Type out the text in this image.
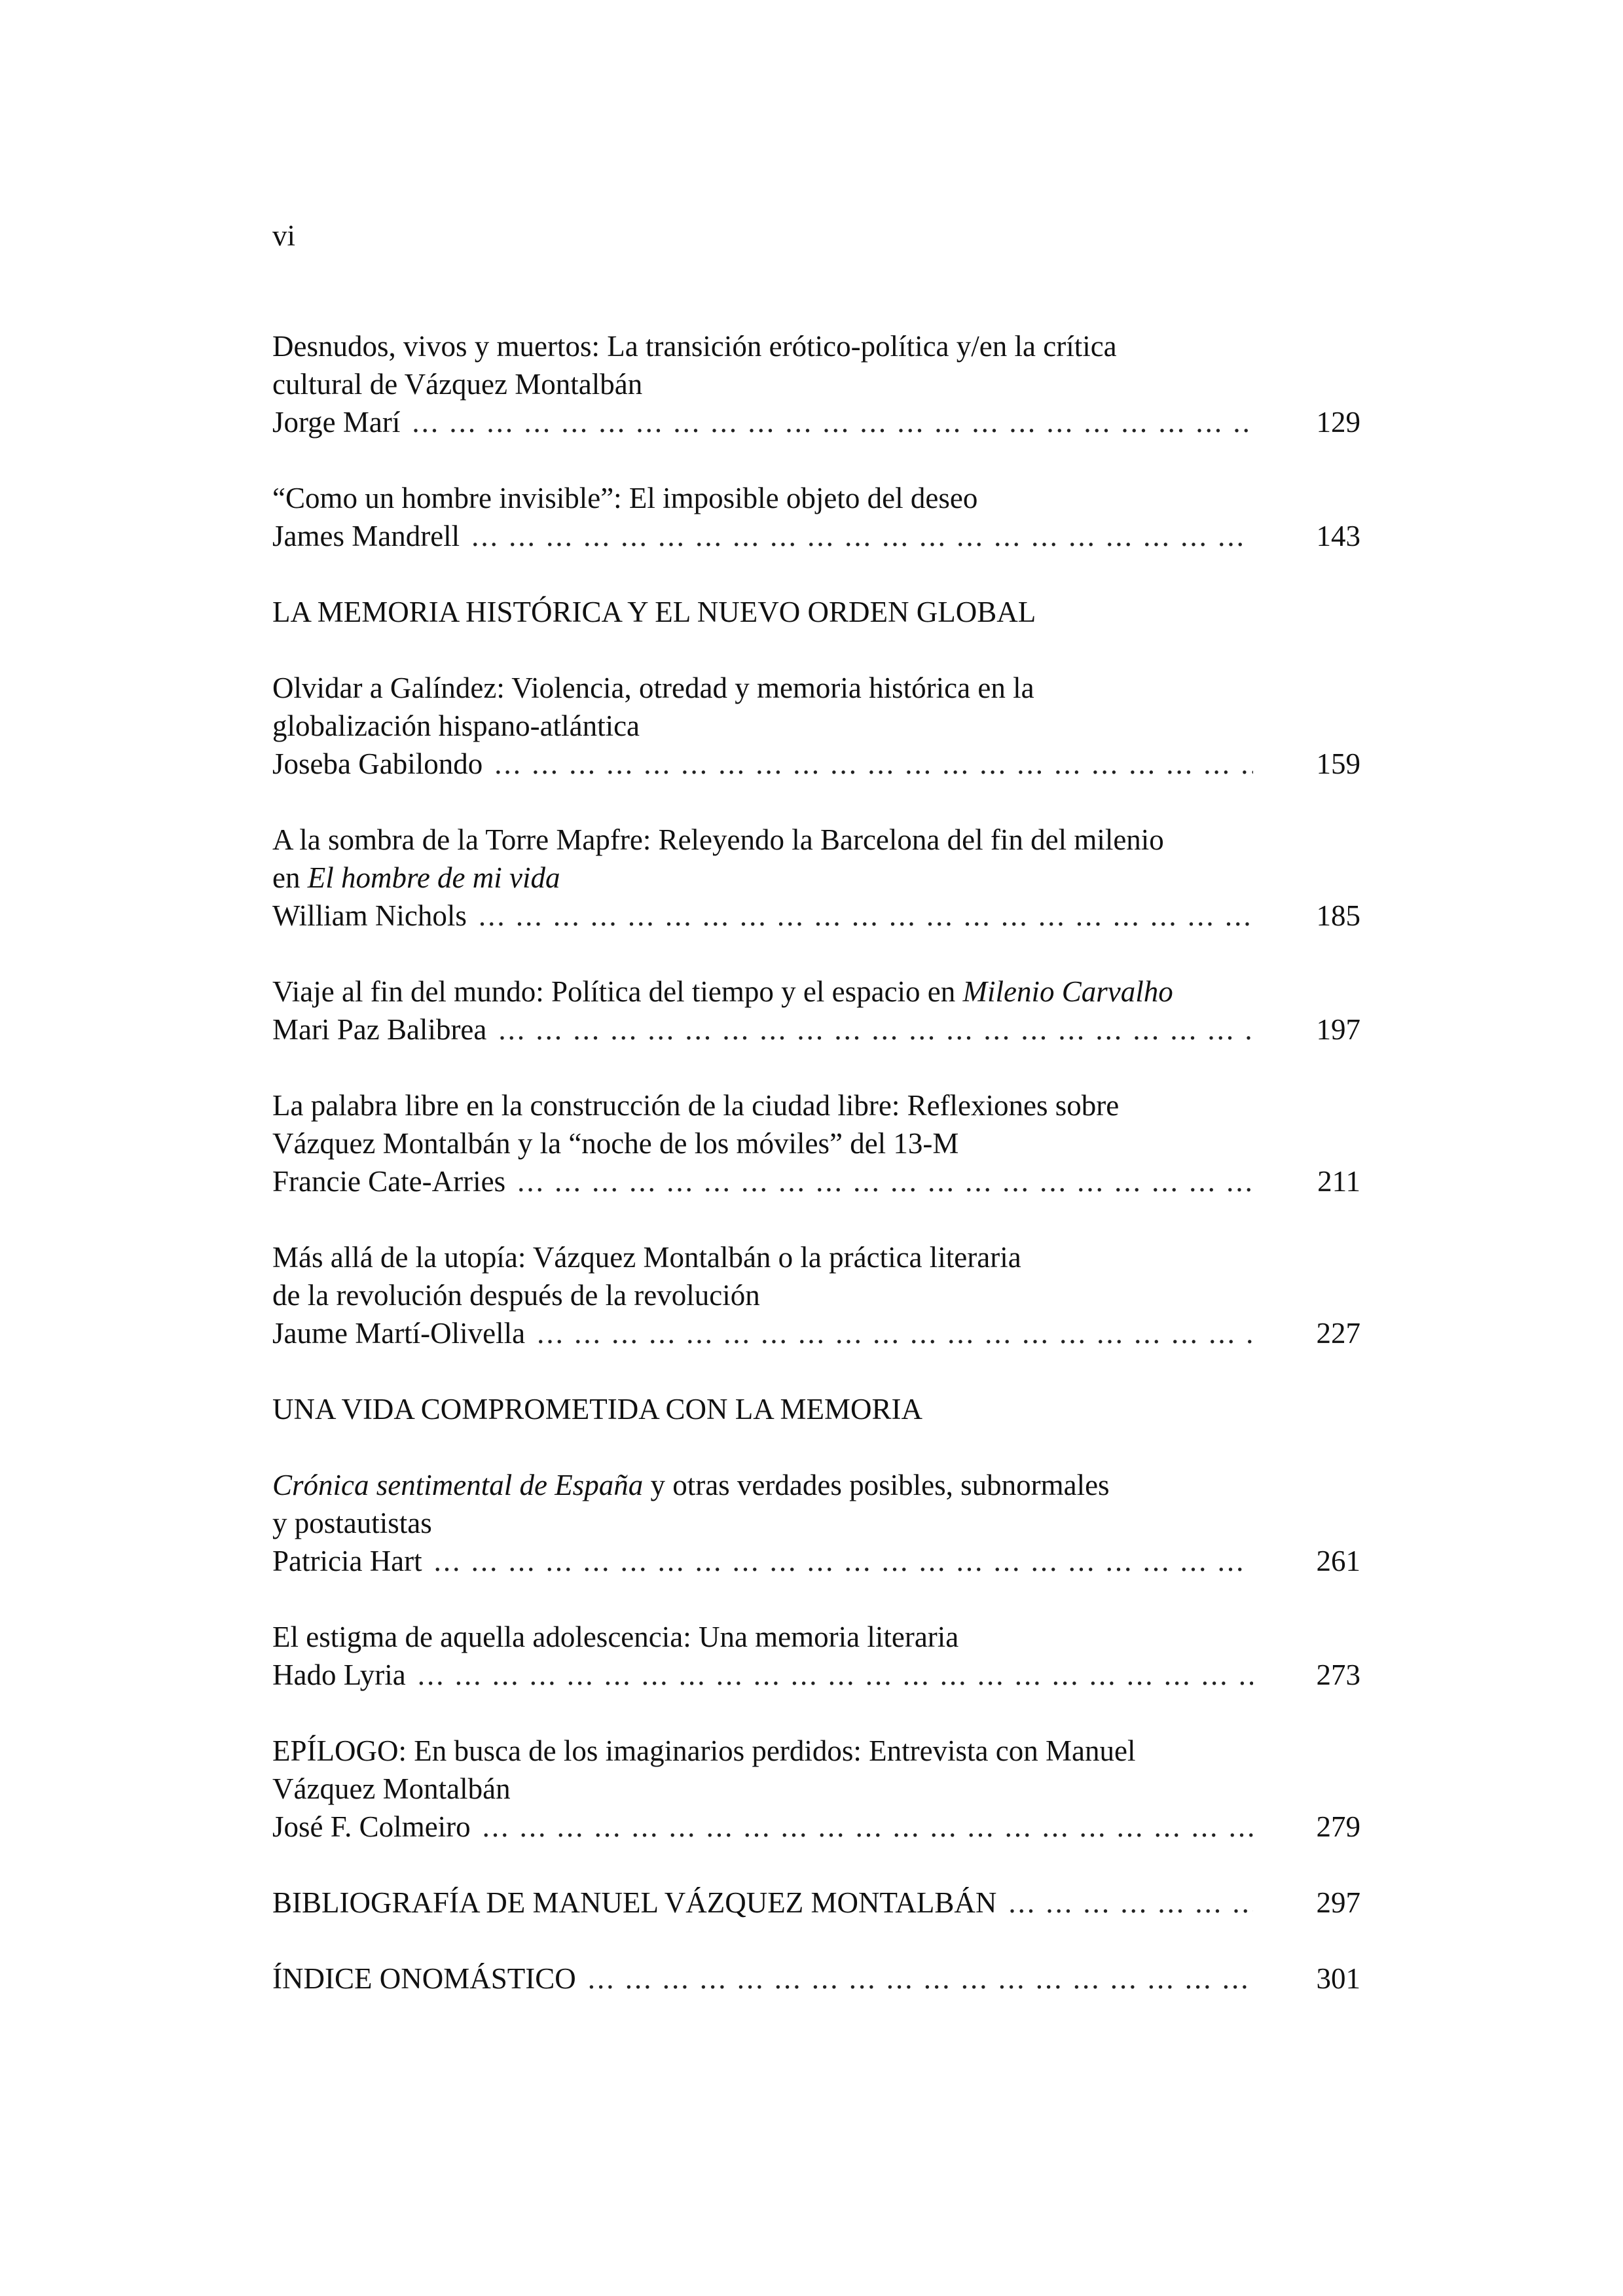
vi
Desnudos, vivos y muertos: La transición erótico-política y/en la crítica
cultural de Vázquez Montalbán
Jorge Marí ... .	129
“Como un hombre invisible”: El imposible objeto del deseo
James Mandrell ... .	143
LA MEMORIA HISTÓRICA Y EL NUEVO ORDEN GLOBAL
Olvidar a Galíndez: Violencia, otredad y memoria histórica en la
globalización hispano-atlántica
Joseba Gabilondo ... .	159
A la sombra de la Torre Mapfre: Releyendo la Barcelona del fin del milenio
en El hombre de mi vida
William Nichols ... .	185
Viaje al fin del mundo: Política del tiempo y el espacio en Milenio Carvalho
Mari Paz Balibrea ... .	197
La palabra libre en la construcción de la ciudad libre: Reflexiones sobre
Vázquez Montalbán y la “noche de los móviles” del 13-M
Francie Cate-Arries ... .	211
Más allá de la utopía: Vázquez Montalbán o la práctica literaria
de la revolución después de la revolución
Jaume Martí-Olivella ... .	227
UNA VIDA COMPROMETIDA CON LA MEMORIA
Crónica sentimental de España y otras verdades posibles, subnormales
y postautistas
Patricia Hart ... .	261
El estigma de aquella adolescencia: Una memoria literaria
Hado Lyria ... .	273
EPÍLOGO: En busca de los imaginarios perdidos: Entrevista con Manuel
Vázquez Montalbán
José F. Colmeiro ... .	279
BIBLIOGRAFÍA DE MANUEL VÁZQUEZ MONTALBÁN ... .	297
ÍNDICE ONOMÁSTICO ... .	301
